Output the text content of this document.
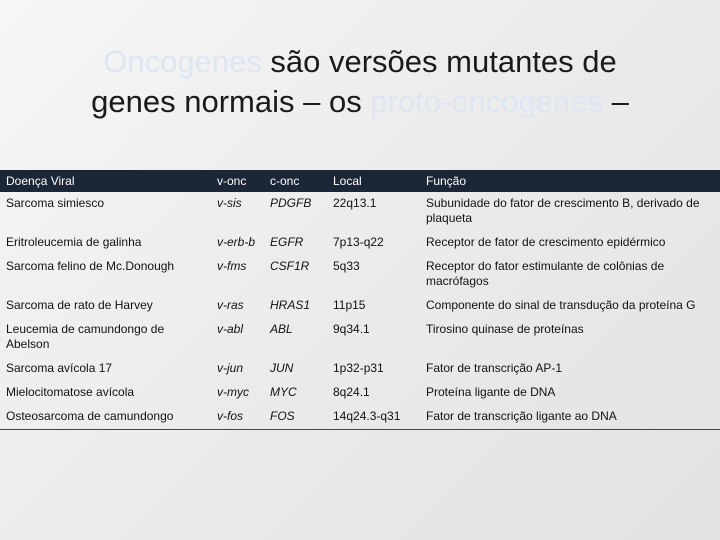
Oncogenes são versões mutantes de
genes normais – os proto-oncogenes –
Doença Viral	v-onc	c-onc	Local	Função
Sarcoma simiesco	v-sis	PDGFB	22q13.1	Subunidade do fator de crescimento B, derivado de plaqueta
Eritroleucemia de galinha	v-erb-b	EGFR	7p13-q22	Receptor de fator de crescimento epidérmico
Sarcoma felino de Mc.Donough	v-fms	CSF1R	5q33	Receptor do fator estimulante de colônias de macrófagos
Sarcoma de rato de Harvey	v-ras	HRAS1	11p15	Componente do sinal de transdução da proteína G
Leucemia de camundongo de Abelson	v-abl	ABL	9q34.1	Tirosino quinase de proteínas
Sarcoma avícola 17	v-jun	JUN	1p32-p31	Fator de transcrição AP-1
Mielocitomatose avícola	v-myc	MYC	8q24.1	Proteína ligante de DNA
Osteosarcoma de camundongo	v-fos	FOS	14q24.3-q31	Fator de transcrição ligante ao DNA
